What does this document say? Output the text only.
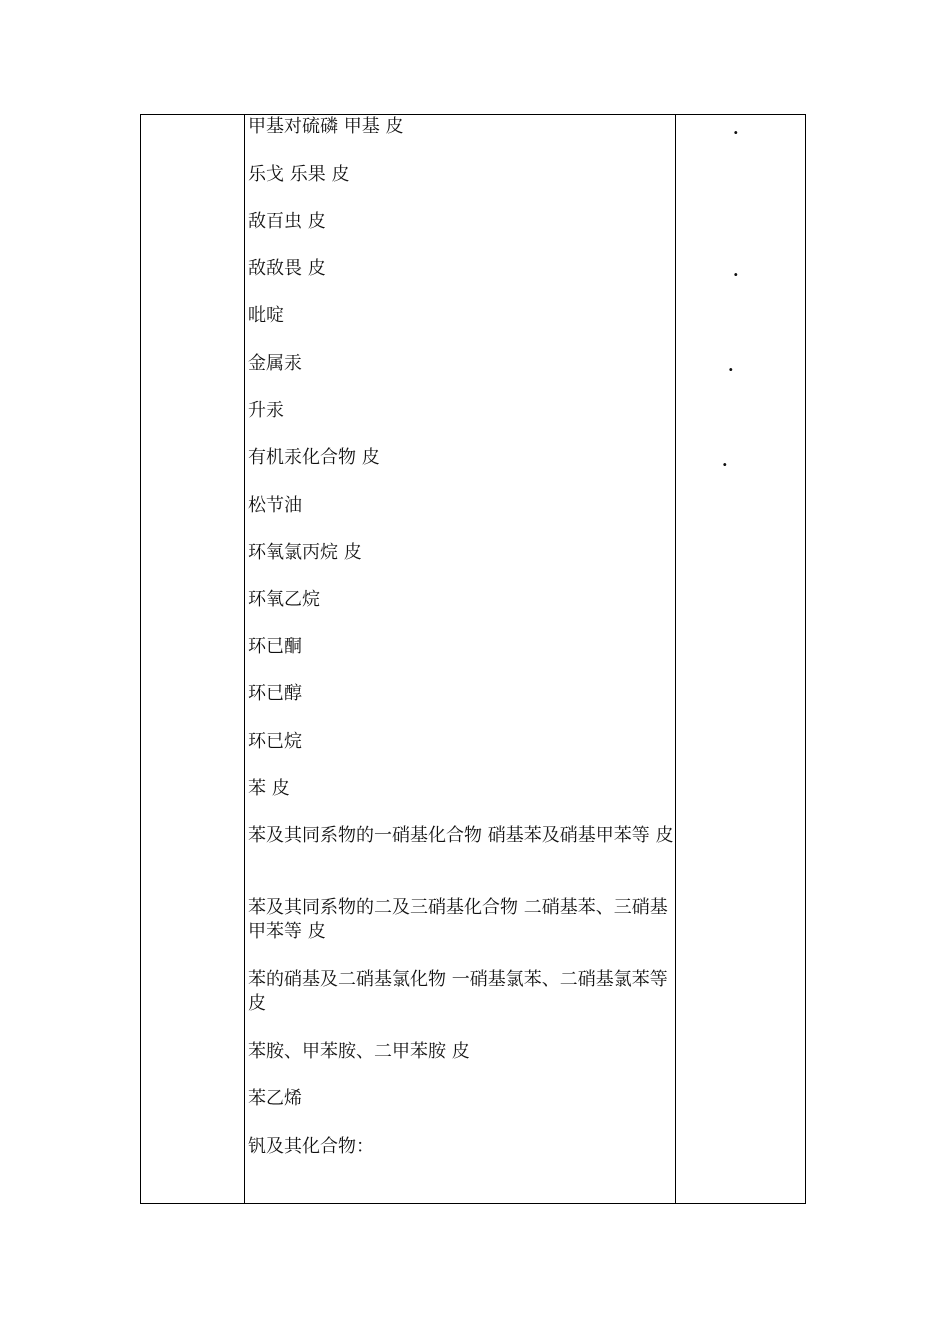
甲基对硫磷 甲基 皮
乐戈 乐果 皮
敌百虫 皮
敌敌畏 皮
吡啶
金属汞
升汞
有机汞化合物 皮
松节油
环氧氯丙烷 皮
环氧乙烷
环已酮
环已醇
环已烷
苯 皮
苯及其同系物的一硝基化合物 硝基苯及硝基甲苯等 皮
苯及其同系物的二及三硝基化合物 二硝基苯、三硝基甲苯等 皮
苯的硝基及二硝基氯化物 一硝基氯苯、二硝基氯苯等 皮
苯胺、甲苯胺、二甲苯胺 皮
苯乙烯
钒及其化合物：
.
.
.
.
